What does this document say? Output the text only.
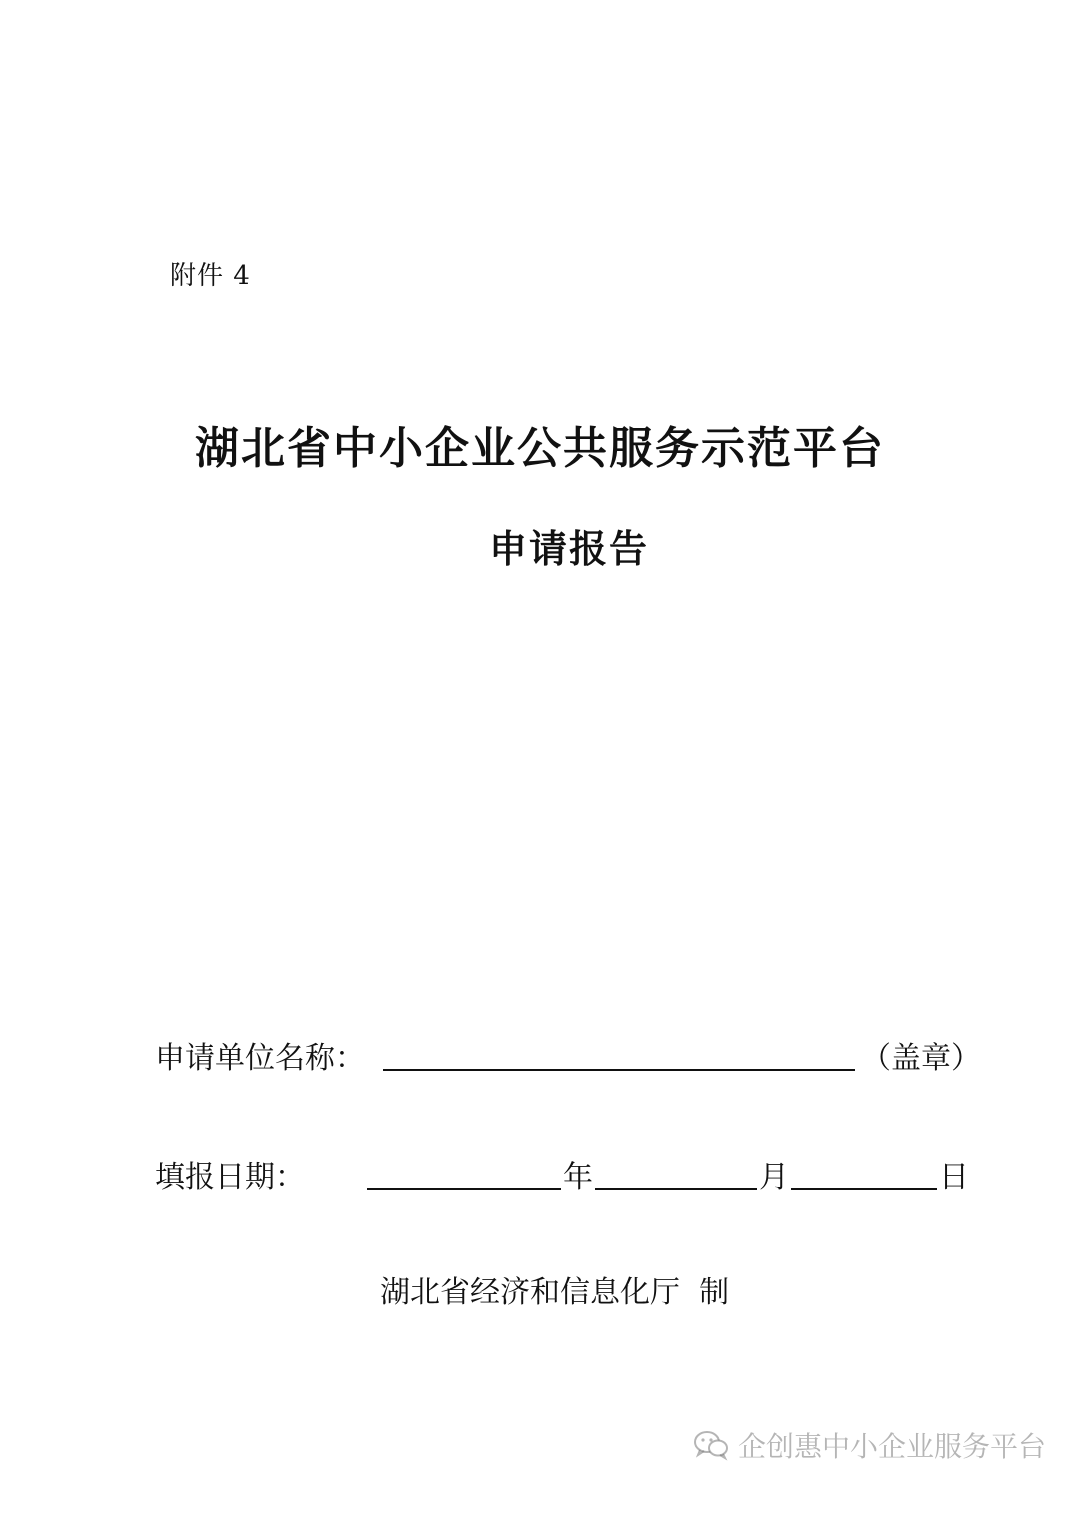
附件 4
湖北省中小企业公共服务示范平台
申请报告
申请单位名称：	（盖章）
填报日期：	年	月	日
湖北省经济和信息化厅  制
企创惠中小企业服务平台
